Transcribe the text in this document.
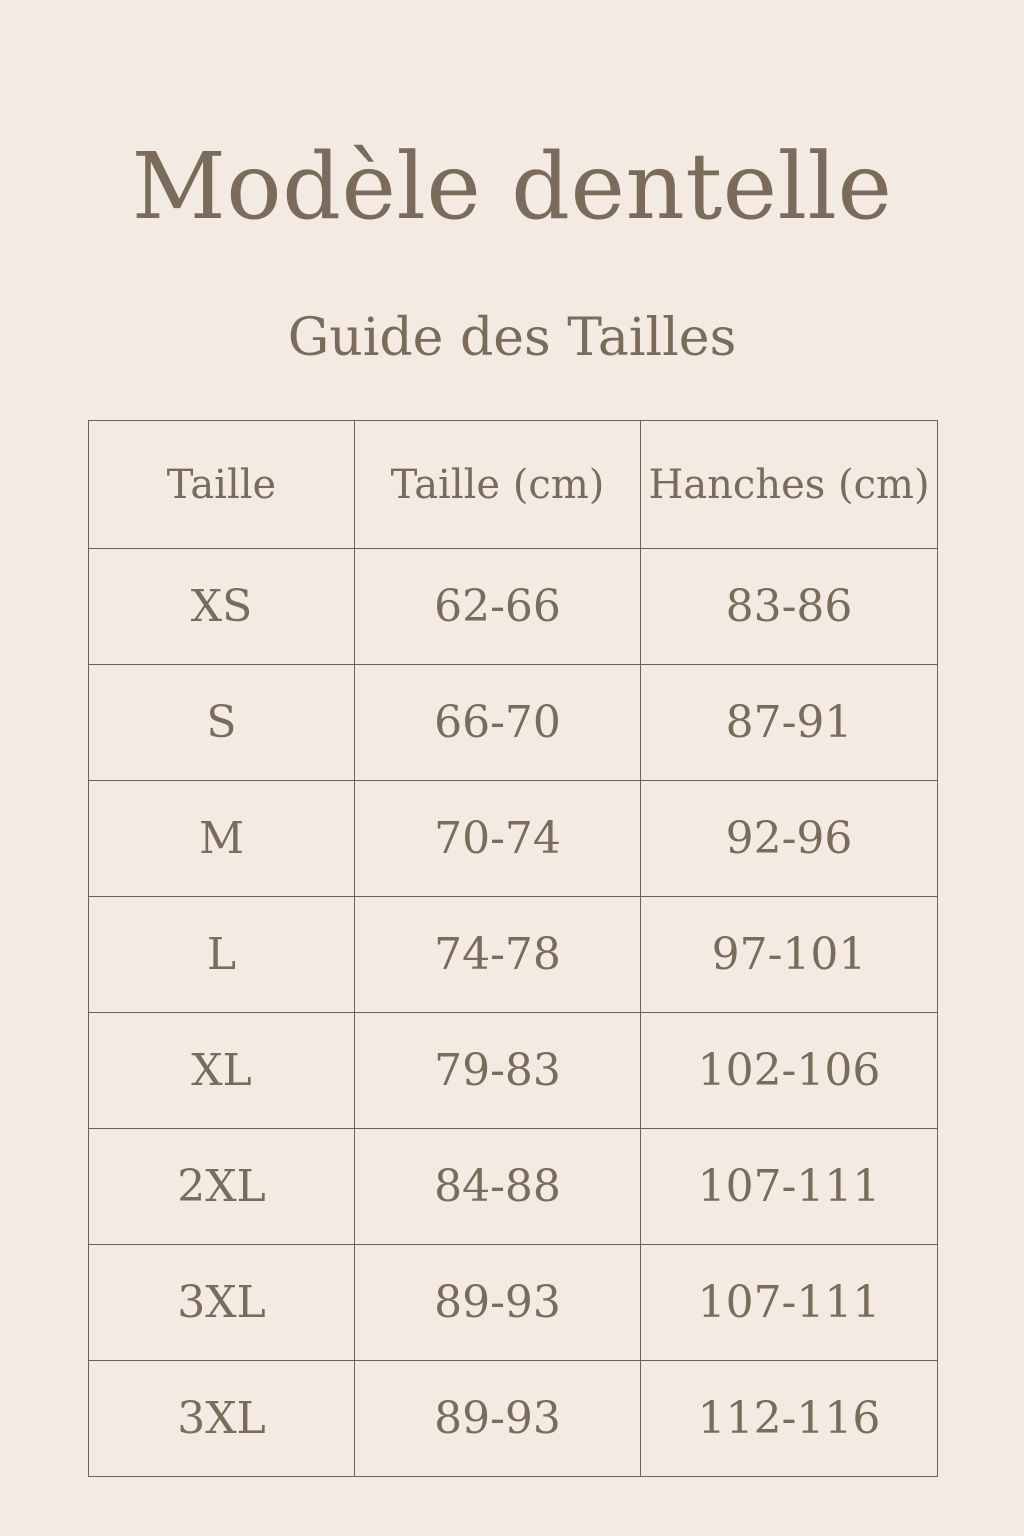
Modèle dentelle
Guide des Tailles
Taille	Taille (cm)	Hanches (cm)
XS	62-66	83-86
S	66-70	87-91
M	70-74	92-96
L	74-78	97-101
XL	79-83	102-106
2XL	84-88	107-111
3XL	89-93	107-111
3XL	89-93	112-116
